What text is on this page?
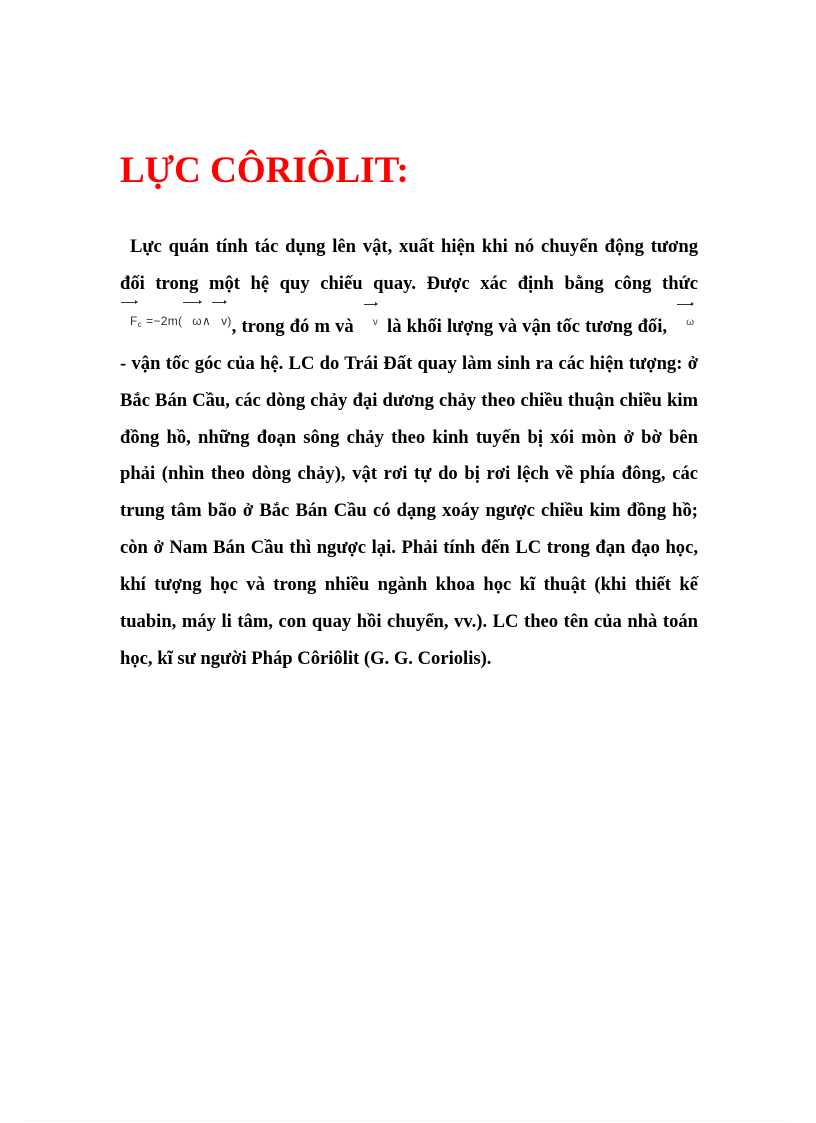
LỰC CÔRIÔLIT:

Lực quán tính tác dụng lên vật, xuất hiện khi nó chuyển động tương đối trong một hệ quy chiếu quay. Được xác định bằng công thức $^{F_c =-2m( \omega\wedge v)}$, trong đó m và $^v$ là khối lượng và vận tốc tương đối, $^\omega$ - vận tốc góc của hệ. LC do Trái Đất quay làm sinh ra các hiện tượng: ở Bắc Bán Cầu, các dòng chảy đại dương chảy theo chiều thuận chiều kim đồng hồ, những đoạn sông chảy theo kinh tuyến bị xói mòn ở bờ bên phải (nhìn theo dòng chảy), vật rơi tự do bị rơi lệch về phía đông, các trung tâm bão ở Bắc Bán Cầu có dạng xoáy ngược chiều kim đồng hồ; còn ở Nam Bán Cầu thì ngược lại. Phải tính đến LC trong đạn đạo học, khí tượng học và trong nhiều ngành khoa học kĩ thuật (khi thiết kế tuabin, máy li tâm, con quay hồi chuyển, vv.). LC theo tên của nhà toán học, kĩ sư người Pháp Côriôlit (G. G. Coriolis).
